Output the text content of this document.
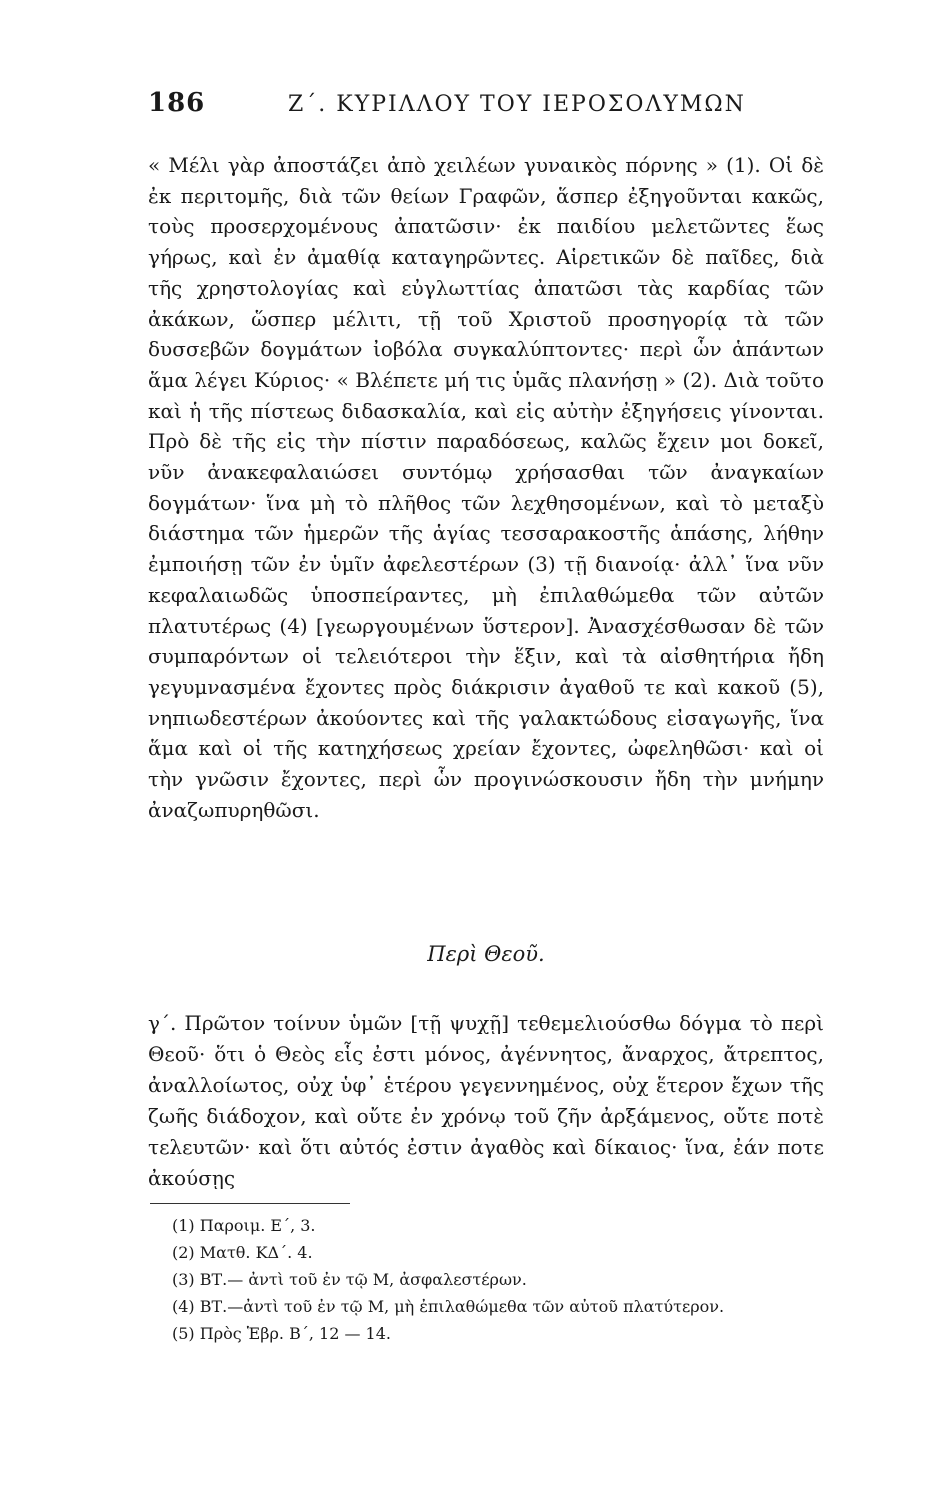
186	Ζ΄. ΚΥΡΙΛΛΟΥ ΤΟΥ ΙΕΡΟΣΟΛΥΜΩΝ

« Μέλι γὰρ ἀποστάζει ἀπὸ χειλέων γυναικὸς πόρνης » (1). Οἱ δὲ ἐκ περιτομῆς, διὰ τῶν θείων Γραφῶν, ἅσπερ ἐξηγοῦνται κακῶς, τοὺς προσερχομένους ἀπατῶσιν· ἐκ παιδίου μελετῶντες ἕως γήρως, καὶ ἐν ἀμαθίᾳ καταγηρῶντες. Αἱρετικῶν δὲ παῖδες, διὰ τῆς χρηστολογίας καὶ εὐγλωττίας ἀπατῶσι τὰς καρδίας τῶν ἀκάκων, ὥσπερ μέλιτι, τῇ τοῦ Χριστοῦ προσηγορίᾳ τὰ τῶν δυσσεβῶν δογμάτων ἰοβόλα συγκαλύπτοντες· περὶ ὧν ἁπάντων ἅμα λέγει Κύριος· « Βλέπετε μή τις ὑμᾶς πλανήσῃ » (2). Διὰ τοῦτο καὶ ἡ τῆς πίστεως διδασκαλία, καὶ εἰς αὐτὴν ἐξηγήσεις γίνονται. Πρὸ δὲ τῆς εἰς τὴν πίστιν παραδόσεως, καλῶς ἔχειν μοι δοκεῖ, νῦν ἀνακεφαλαιώσει συντόμῳ χρήσασθαι τῶν ἀναγκαίων δογμάτων· ἵνα μὴ τὸ πλῆθος τῶν λεχθησομένων, καὶ τὸ μεταξὺ διάστημα τῶν ἡμερῶν τῆς ἁγίας τεσσαρακοστῆς ἁπάσης, λήθην ἐμποιήσῃ τῶν ἐν ὑμῖν ἀφελεστέρων (3) τῇ διανοίᾳ· ἀλλ᾽ ἵνα νῦν κεφαλαιωδῶς ὑποσπείραντες, μὴ ἐπιλαθώμεθα τῶν αὐτῶν πλατυτέρως (4) [γεωργουμένων ὕστερον]. Ἀνασχέσθωσαν δὲ τῶν συμπαρόντων οἱ τελειότεροι τὴν ἕξιν, καὶ τὰ αἰσθητήρια ἤδη γεγυμνασμένα ἔχοντες πρὸς διάκρισιν ἀγαθοῦ τε καὶ κακοῦ (5), νηπιωδεστέρων ἀκούοντες καὶ τῆς γαλακτώδους εἰσαγωγῆς, ἵνα ἅμα καὶ οἱ τῆς κατηχήσεως χρείαν ἔχοντες, ὠφεληθῶσι· καὶ οἱ τὴν γνῶσιν ἔχοντες, περὶ ὧν προγινώσκουσιν ἤδη τὴν μνήμην ἀναζωπυρηθῶσι.

Περὶ Θεοῦ.

γ΄. Πρῶτον τοίνυν ὑμῶν [τῇ ψυχῇ] τεθεμελιούσθω δόγμα τὸ περὶ Θεοῦ· ὅτι ὁ Θεὸς εἷς ἐστι μόνος, ἀγέννητος, ἄναρχος, ἄτρεπτος, ἀναλλοίωτος, οὐχ ὑφ᾽ ἑτέρου γεγεννημένος, οὐχ ἕτερον ἔχων τῆς ζωῆς διάδοχον, καὶ οὔτε ἐν χρόνῳ τοῦ ζῆν ἀρξάμενος, οὔτε ποτὲ τελευτῶν· καὶ ὅτι αὐτός ἐστιν ἀγαθὸς καὶ δίκαιος· ἵνα, ἐάν ποτε ἀκούσῃς

(1) Παροιμ. Ε΄, 3.
(2) Ματθ. ΚΔ΄. 4.
(3) ΒΤ.— ἀντὶ τοῦ ἐν τῷ Μ, ἀσφαλεστέρων.
(4) ΒΤ.—ἀντὶ τοῦ ἐν τῷ Μ, μὴ ἐπιλαθώμεθα τῶν αὐτοῦ πλατύτερον.
(5) Πρὸς Ἑβρ. Β΄, 12 — 14.
